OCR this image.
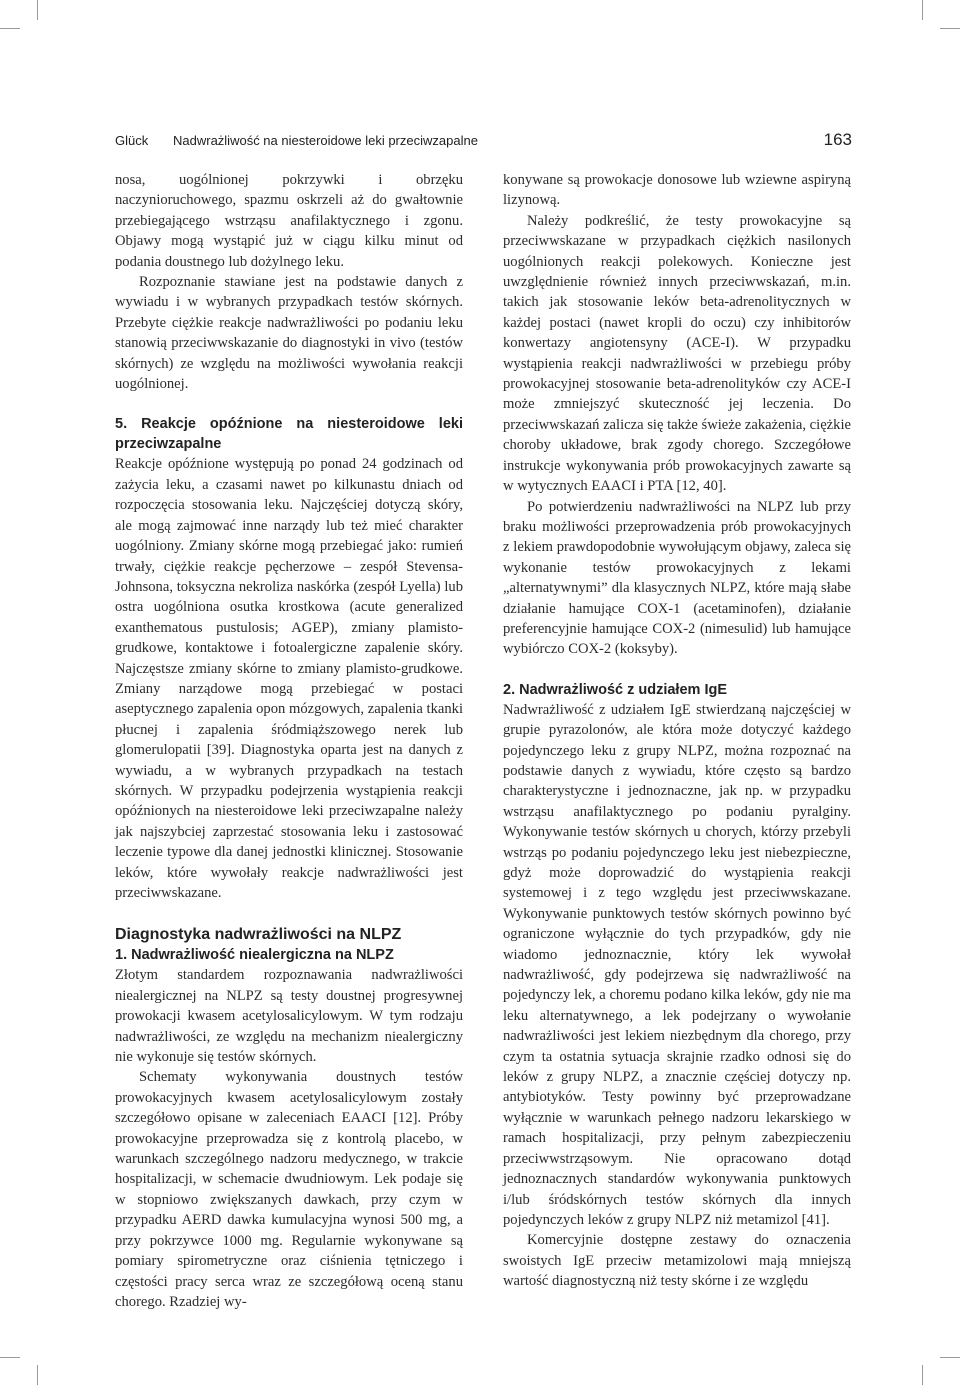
Glück Nadwrażliwość na niesteroidowe leki przeciwzapalne	163

nosa, uogólnionej pokrzywki i obrzęku naczynioruchowego, spazmu oskrzeli aż do gwałtownie przebiegającego wstrząsu anafilaktycznego i zgonu. Objawy mogą wystąpić już w ciągu kilku minut od podania doustnego lub dożylnego leku.

Rozpoznanie stawiane jest na podstawie danych z wywiadu i w wybranych przypadkach testów skórnych. Przebyte ciężkie reakcje nadwrażliwości po podaniu leku stanowią przeciwwskazanie do diagnostyki in vivo (testów skórnych) ze względu na możliwości wywołania reakcji uogólnionej.

5. Reakcje opóźnione na niesteroidowe leki przeciwzapalne

Reakcje opóźnione występują po ponad 24 godzinach od zażycia leku, a czasami nawet po kilkunastu dniach od rozpoczęcia stosowania leku. Najczęściej dotyczą skóry, ale mogą zajmować inne narządy lub też mieć charakter uogólniony. Zmiany skórne mogą przebiegać jako: rumień trwały, ciężkie reakcje pęcherzowe – zespół Stevensa-Johnsona, toksyczna nekroliza naskórka (zespół Lyella) lub ostra uogólniona osutka krostkowa (acute generalized exanthematous pustulosis; AGEP), zmiany plamisto-grudkowe, kontaktowe i fotoalergiczne zapalenie skóry. Najczęstsze zmiany skórne to zmiany plamisto-grudkowe. Zmiany narządowe mogą przebiegać w postaci aseptycznego zapalenia opon mózgowych, zapalenia tkanki płucnej i zapalenia śródmiąższowego nerek lub glomerulopatii [39]. Diagnostyka oparta jest na danych z wywiadu, a w wybranych przypadkach na testach skórnych. W przypadku podejrzenia wystąpienia reakcji opóźnionych na niesteroidowe leki przeciwzapalne należy jak najszybciej zaprzestać stosowania leku i zastosować leczenie typowe dla danej jednostki klinicznej. Stosowanie leków, które wywołały reakcje nadwrażliwości jest przeciwwskazane.

Diagnostyka nadwrażliwości na NLPZ
1. Nadwrażliwość niealergiczna na NLPZ

Złotym standardem rozpoznawania nadwrażliwości niealergicznej na NLPZ są testy doustnej progresywnej prowokacji kwasem acetylosalicylowym. W tym rodzaju nadwrażliwości, ze względu na mechanizm niealergiczny nie wykonuje się testów skórnych.

Schematy wykonywania doustnych testów prowokacyjnych kwasem acetylosalicylowym zostały szczegółowo opisane w zaleceniach EAACI [12]. Próby prowokacyjne przeprowadza się z kontrolą placebo, w warunkach szczególnego nadzoru medycznego, w trakcie hospitalizacji, w schemacie dwudniowym. Lek podaje się w stopniowo zwiększanych dawkach, przy czym w przypadku AERD dawka kumulacyjna wynosi 500 mg, a przy pokrzywce 1000 mg. Regularnie wykonywane są pomiary spirometryczne oraz ciśnienia tętniczego i częstości pracy serca wraz ze szczegółową oceną stanu chorego. Rzadziej wy-

konywane są prowokacje donosowe lub wziewne aspiryną lizynową.

Należy podkreślić, że testy prowokacyjne są przeciwwskazane w przypadkach ciężkich nasilonych uogólnionych reakcji polekowych. Konieczne jest uwzględnienie również innych przeciwwskazań, m.in. takich jak stosowanie leków beta-adrenolitycznych w każdej postaci (nawet kropli do oczu) czy inhibitorów konwertazy angiotensyny (ACE-I). W przypadku wystąpienia reakcji nadwrażliwości w przebiegu próby prowokacyjnej stosowanie beta-adrenolityków czy ACE-I może zmniejszyć skuteczność jej leczenia. Do przeciwwskazań zalicza się także świeże zakażenia, ciężkie choroby układowe, brak zgody chorego. Szczegółowe instrukcje wykonywania prób prowokacyjnych zawarte są w wytycznych EAACI i PTA [12, 40].

Po potwierdzeniu nadwrażliwości na NLPZ lub przy braku możliwości przeprowadzenia prób prowokacyjnych z lekiem prawdopodobnie wywołującym objawy, zaleca się wykonanie testów prowokacyjnych z lekami „alternatywnymi” dla klasycznych NLPZ, które mają słabe działanie hamujące COX-1 (acetaminofen), działanie preferencyjnie hamujące COX-2 (nimesulid) lub hamujące wybiórczo COX-2 (koksyby).

2. Nadwrażliwość z udziałem IgE

Nadwrażliwość z udziałem IgE stwierdzaną najczęściej w grupie pyrazolonów, ale która może dotyczyć każdego pojedynczego leku z grupy NLPZ, można rozpoznać na podstawie danych z wywiadu, które często są bardzo charakterystyczne i jednoznaczne, jak np. w przypadku wstrząsu anafilaktycznego po podaniu pyralginy. Wykonywanie testów skórnych u chorych, którzy przebyli wstrząs po podaniu pojedynczego leku jest niebezpieczne, gdyż może doprowadzić do wystąpienia reakcji systemowej i z tego względu jest przeciwwskazane. Wykonywanie punktowych testów skórnych powinno być ograniczone wyłącznie do tych przypadków, gdy nie wiadomo jednoznacznie, który lek wywołał nadwrażliwość, gdy podejrzewa się nadwrażliwość na pojedynczy lek, a choremu podano kilka leków, gdy nie ma leku alternatywnego, a lek podejrzany o wywołanie nadwrażliwości jest lekiem niezbędnym dla chorego, przy czym ta ostatnia sytuacja skrajnie rzadko odnosi się do leków z grupy NLPZ, a znacznie częściej dotyczy np. antybiotyków. Testy powinny być przeprowadzane wyłącznie w warunkach pełnego nadzoru lekarskiego w ramach hospitalizacji, przy pełnym zabezpieczeniu przeciwwstrząsowym. Nie opracowano dotąd jednoznacznych standardów wykonywania punktowych i/lub śródskórnych testów skórnych dla innych pojedynczych leków z grupy NLPZ niż metamizol [41].

Komercyjnie dostępne zestawy do oznaczenia swoistych IgE przeciw metamizolowi mają mniejszą wartość diagnostyczną niż testy skórne i ze względu
